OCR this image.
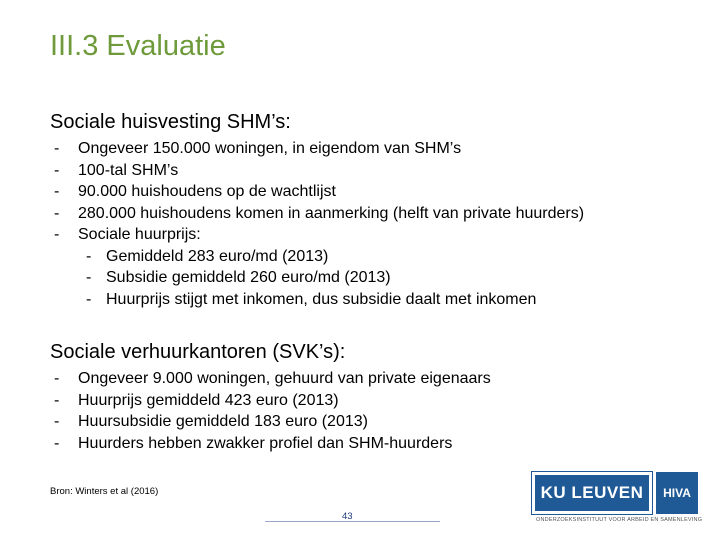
III.3 Evaluatie
Sociale huisvesting SHM’s:
- Ongeveer 150.000 woningen, in eigendom van SHM’s
- 100-tal SHM’s
- 90.000 huishoudens op de wachtlijst
- 280.000 huishoudens komen in aanmerking (helft van private huurders)
- Sociale huurprijs:
- Gemiddeld 283 euro/md (2013)
- Subsidie gemiddeld 260 euro/md (2013)
- Huurprijs stijgt met inkomen, dus subsidie daalt met inkomen
Sociale verhuurkantoren (SVK’s):
- Ongeveer 9.000 woningen, gehuurd van private eigenaars
- Huurprijs gemiddeld 423 euro (2013)
- Huursubsidie gemiddeld 183 euro (2013)
- Huurders hebben zwakker profiel dan SHM-huurders
Bron: Winters et al (2016)
43
KU LEUVEN	HIVA
ONDERZOEKSINSTITUUT VOOR ARBEID EN SAMENLEVING
